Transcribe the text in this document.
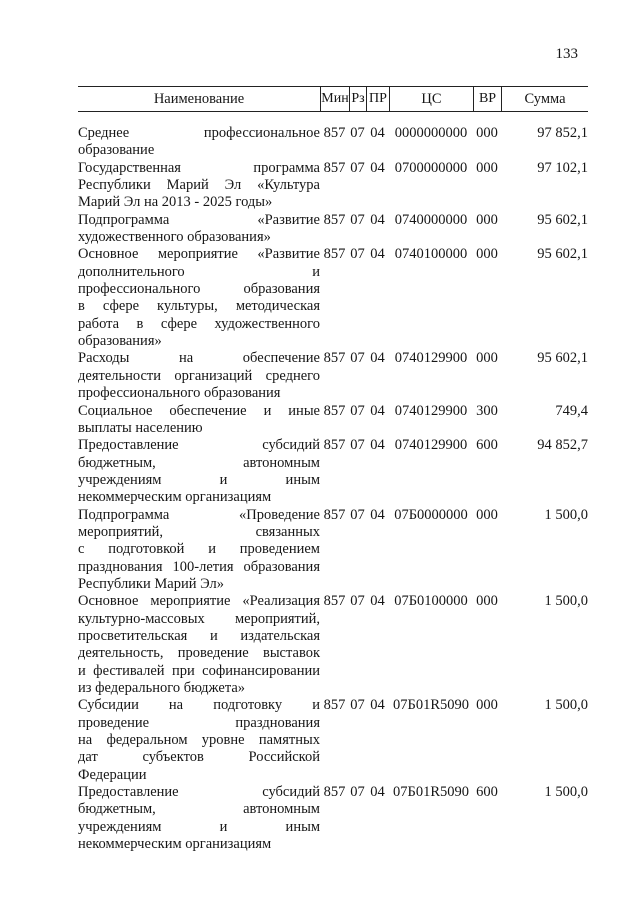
133
Наименование	Мин Рз ПР	ЦС	ВР	Сумма
Среднее профессиональное
образование
857 07 04 0000000000 000	97 852,1
Государственная программа
Республики Марий Эл «Культура
Марий Эл на 2013 - 2025 годы»
857 07 04 0700000000 000	97 102,1
Подпрограмма «Развитие
художественного образования»
857 07 04 0740000000 000	95 602,1
Основное мероприятие «Развитие
дополнительного и
профессионального образования
в сфере культуры, методическая
работа в сфере художественного
образования»
857 07 04 0740100000 000	95 602,1
Расходы на обеспечение
деятельности организаций среднего
профессионального образования
857 07 04 0740129900 000	95 602,1
Социальное обеспечение и иные
выплаты населению
857 07 04 0740129900 300	749,4
Предоставление субсидий
бюджетным, автономным
учреждениям и иным
некоммерческим организациям
857 07 04 0740129900 600	94 852,7
Подпрограмма «Проведение
мероприятий, связанных
с подготовкой и проведением
празднования 100-летия образования
Республики Марий Эл»
857 07 04 07Б0000000 000	1 500,0
Основное мероприятие «Реализация
культурно-массовых мероприятий,
просветительская и издательская
деятельность, проведение выставок
и фестивалей при софинансировании
из федерального бюджета»
857 07 04 07Б0100000 000	1 500,0
Субсидии на подготовку и
проведение празднования
на федеральном уровне памятных
дат субъектов Российской
Федерации
857 07 04 07Б01R5090 000	1 500,0
Предоставление субсидий
бюджетным, автономным
учреждениям и иным
некоммерческим организациям
857 07 04 07Б01R5090 600	1 500,0
